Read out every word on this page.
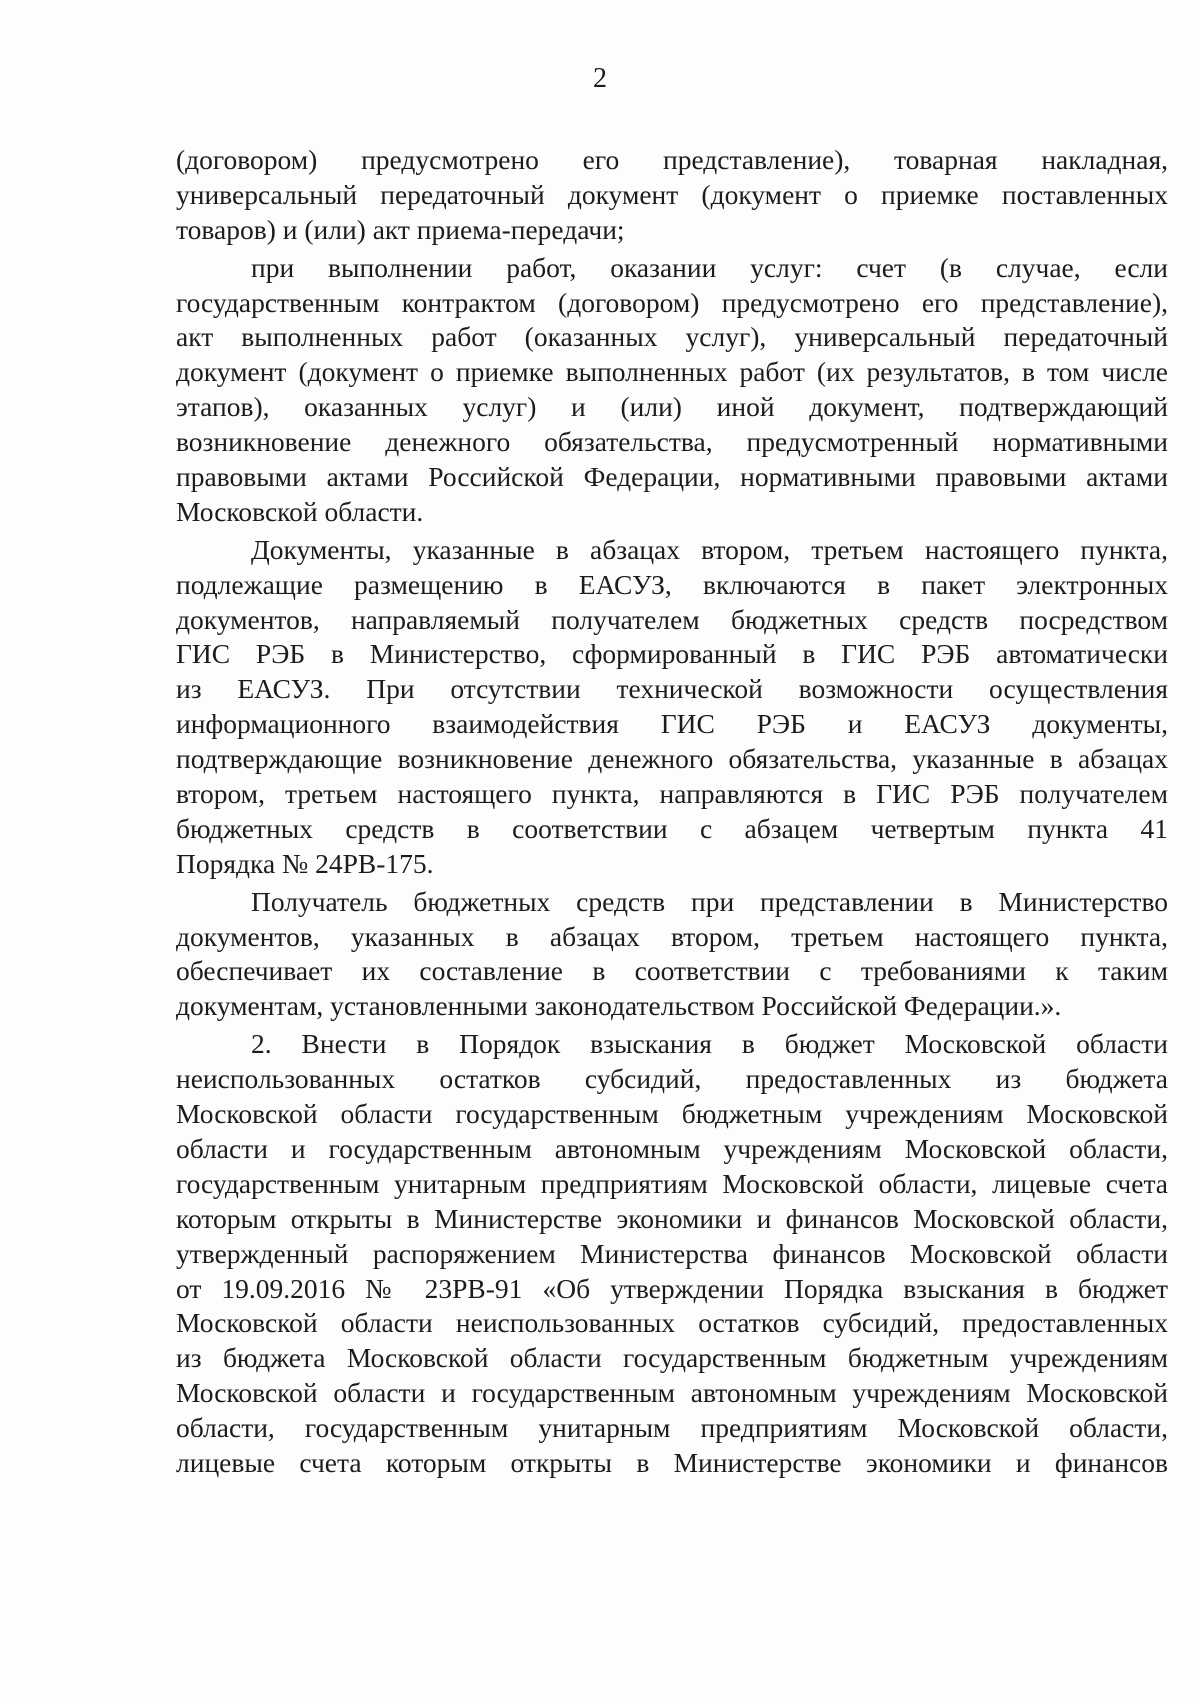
2
(договором) предусмотрено его представление), товарная накладная,
универсальный передаточный документ (документ о приемке поставленных
товаров) и (или) акт приема-передачи;
при выполнении работ, оказании услуг: счет (в случае, если
государственным контрактом (договором) предусмотрено его представление),
акт выполненных работ (оказанных услуг), универсальный передаточный
документ (документ о приемке выполненных работ (их результатов, в том числе
этапов), оказанных услуг) и (или) иной документ, подтверждающий
возникновение денежного обязательства, предусмотренный нормативными
правовыми актами Российской Федерации, нормативными правовыми актами
Московской области.
Документы, указанные в абзацах втором, третьем настоящего пункта,
подлежащие размещению в ЕАСУЗ, включаются в пакет электронных
документов, направляемый получателем бюджетных средств посредством
ГИС РЭБ в Министерство, сформированный в ГИС РЭБ автоматически
из ЕАСУЗ. При отсутствии технической возможности осуществления
информационного взаимодействия ГИС РЭБ и ЕАСУЗ документы,
подтверждающие возникновение денежного обязательства, указанные в абзацах
втором, третьем настоящего пункта, направляются в ГИС РЭБ получателем
бюджетных средств в соответствии с абзацем четвертым пункта 41
Порядка № 24РВ-175.
Получатель бюджетных средств при представлении в Министерство
документов, указанных в абзацах втором, третьем настоящего пункта,
обеспечивает их составление в соответствии с требованиями к таким
документам, установленными законодательством Российской Федерации.».
2. Внести в Порядок взыскания в бюджет Московской области
неиспользованных остатков субсидий, предоставленных из бюджета
Московской области государственным бюджетным учреждениям Московской
области и государственным автономным учреждениям Московской области,
государственным унитарным предприятиям Московской области, лицевые счета
которым открыты в Министерстве экономики и финансов Московской области,
утвержденный распоряжением Министерства финансов Московской области
от 19.09.2016 № 23РВ-91 «Об утверждении Порядка взыскания в бюджет
Московской области неиспользованных остатков субсидий, предоставленных
из бюджета Московской области государственным бюджетным учреждениям
Московской области и государственным автономным учреждениям Московской
области, государственным унитарным предприятиям Московской области,
лицевые счета которым открыты в Министерстве экономики и финансов
